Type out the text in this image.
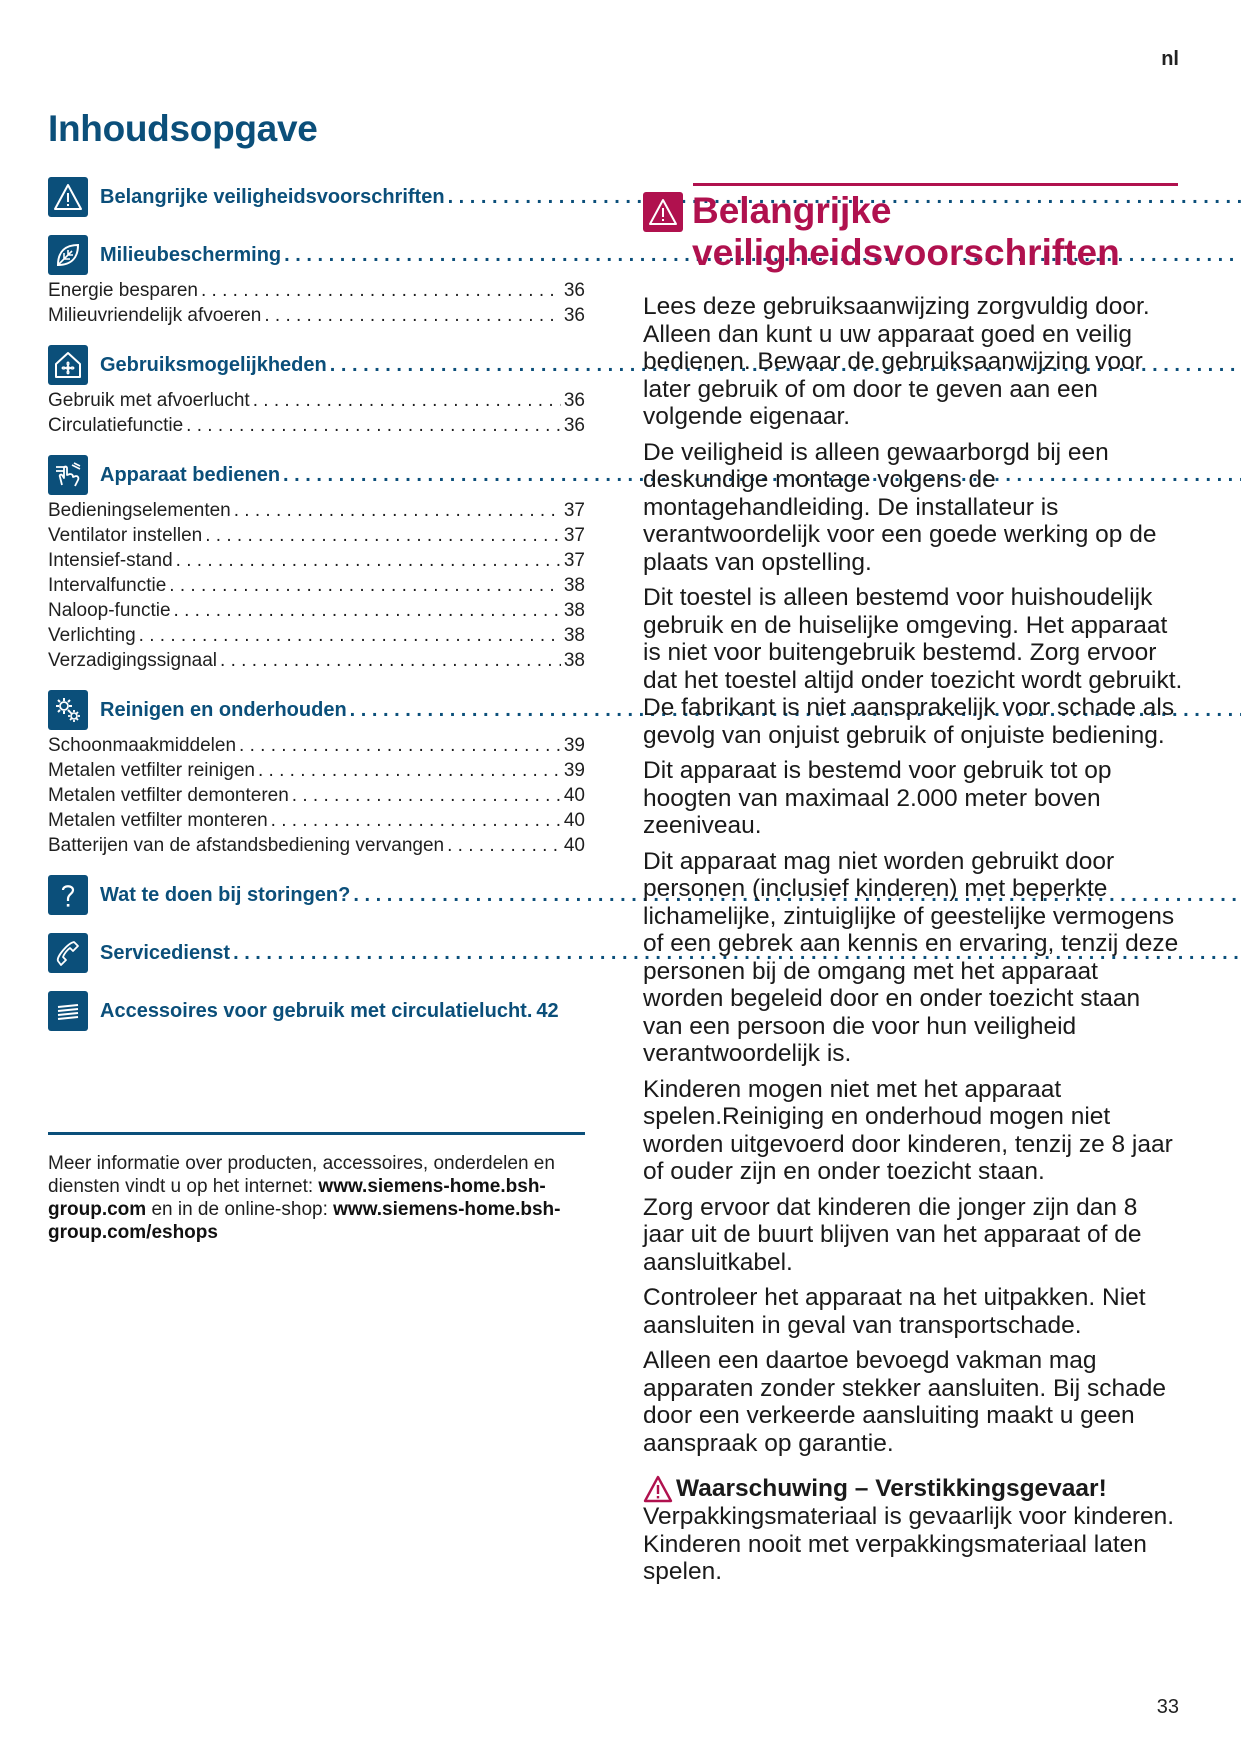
nl
Inhoudsopgave
Belangrijke veiligheidsvoorschriften
. . .
Milieubescherming
. . .
Energie besparen . . .	36
Milieuvriendelijk afvoeren . . .	36
Gebruiksmogelijkheden
. . .
Gebruik met afvoerlucht . . .	36
Circulatiefunctie . . .	36
Apparaat bedienen
. . .
Bedieningselementen . . .	37
Ventilator instellen . . .	37
Intensief-stand . . .	37
Intervalfunctie . . .	38
Naloop-functie . . .	38
Verlichting . . .	38
Verzadigingssignaal . . .	38
Reinigen en onderhouden
. . .
Schoonmaakmiddelen . . .	39
Metalen vetfilter reinigen . . .	39
Metalen vetfilter demonteren . . .	40
Metalen vetfilter monteren . . .	40
Batterijen van de afstandsbediening vervangen . . .	40
Wat te doen bij storingen?
. . .
Servicedienst
. . .
Accessoires voor gebruik met circulatielucht. 42
Meer informatie over producten, accessoires, onderdelen en diensten vindt u op het internet: www.siemens-home.bsh-group.com en in de online-shop: www.siemens-home.bsh-group.com/eshops
Belangrijke veiligheidsvoorschriften

Lees deze gebruiksaanwijzing zorgvuldig door. Alleen dan kunt u uw apparaat goed en veilig bedienen. Bewaar de gebruiksaanwijzing voor later gebruik of om door te geven aan een volgende eigenaar.

De veiligheid is alleen gewaarborgd bij een deskundige montage volgens de montagehandleiding. De installateur is verantwoordelijk voor een goede werking op de plaats van opstelling.

Dit toestel is alleen bestemd voor huishoudelijk gebruik en de huiselijke omgeving. Het apparaat is niet voor buitengebruik bestemd. Zorg ervoor dat het toestel altijd onder toezicht wordt gebruikt. De fabrikant is niet aansprakelijk voor schade als gevolg van onjuist gebruik of onjuiste bediening.

Dit apparaat is bestemd voor gebruik tot op hoogten van maximaal 2.000 meter boven zeeniveau.

Dit apparaat mag niet worden gebruikt door personen (inclusief kinderen) met beperkte lichamelijke, zintuiglijke of geestelijke vermogens of een gebrek aan kennis en ervaring, tenzij deze personen bij de omgang met het apparaat worden begeleid door en onder toezicht staan van een persoon die voor hun veiligheid verantwoordelijk is.

Kinderen mogen niet met het apparaat spelen.Reiniging en onderhoud mogen niet worden uitgevoerd door kinderen, tenzij ze 8 jaar of ouder zijn en onder toezicht staan.

Zorg ervoor dat kinderen die jonger zijn dan 8 jaar uit de buurt blijven van het apparaat of de aansluitkabel.

Controleer het apparaat na het uitpakken. Niet aansluiten in geval van transportschade.

Alleen een daartoe bevoegd vakman mag apparaten zonder stekker aansluiten. Bij schade door een verkeerde aansluiting maakt u geen aanspraak op garantie.

Waarschuwing – Verstikkingsgevaar!
Verpakkingsmateriaal is gevaarlijk voor kinderen. Kinderen nooit met verpakkingsmateriaal laten spelen.
33
